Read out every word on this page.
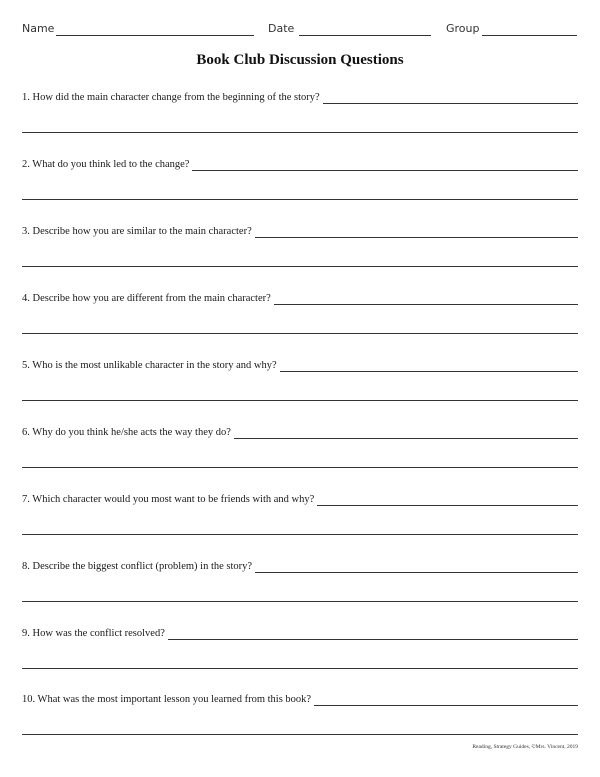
Name	Date	Group
Book Club Discussion Questions
1. How did the main character change from the beginning of the story?
2. What do you think led to the change?
3. Describe how you are similar to the main character?
4. Describe how you are different from the main character?
5. Who is the most unlikable character in the story and why?
6. Why do you think he/she acts the way they do?
7. Which character would you most want to be friends with and why?
8. Describe the biggest conflict (problem) in the story?
9. How was the conflict resolved?
10. What was the most important lesson you learned from this book?
Reading, Strategy Guides, ©Mrs. Vincent, 2019
